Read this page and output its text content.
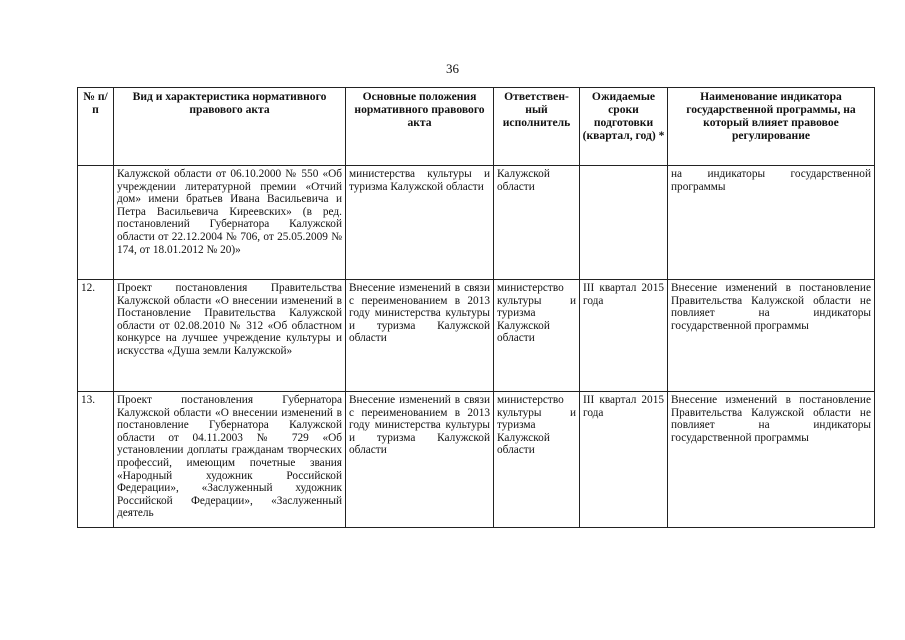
36
№ п/п	Вид и характеристика нормативного правового акта	Основные положения нормативного правового акта	Ответствен-ный исполнитель	Ожидаемые сроки подготовки (квартал, год) *	Наименование индикатора государственной программы, на который влияет правовое регулирование
	Калужской области от 06.10.2000 № 550 «Об учреждении литературной премии «Отчий дом» имени братьев Ивана Васильевича и Петра Васильевича Киреевских» (в ред. постановлений Губернатора Калужской области от 22.12.2004 № 706, от 25.05.2009 № 174, от 18.01.2012 № 20)»	министерства культуры и туризма Калужской области	Калужской области		на индикаторы государственной программы
12.	Проект постановления Правительства Калужской области «О внесении изменений в Постановление Правительства Калужской области от 02.08.2010 № 312 «Об областном конкурсе на лучшее учреждение культуры и искусства «Душа земли Калужской»	Внесение изменений в связи с переименованием в 2013 году министерства культуры и туризма Калужской области	министерство культуры и туризма Калужской области	III квартал 2015 года	Внесение изменений в постановление Правительства Калужской области не повлияет на индикаторы государственной программы
13.	Проект постановления Губернатора Калужской области «О внесении изменений в постановление Губернатора Калужской области от 04.11.2003 № 729 «Об установлении доплаты гражданам творческих профессий, имеющим почетные звания «Народный художник Российской Федерации», «Заслуженный художник Российской Федерации», «Заслуженный деятель	Внесение изменений в связи с переименованием в 2013 году министерства культуры и туризма Калужской области	министерство культуры и туризма Калужской области	III квартал 2015 года	Внесение изменений в постановление Правительства Калужской области не повлияет на индикаторы государственной программы
